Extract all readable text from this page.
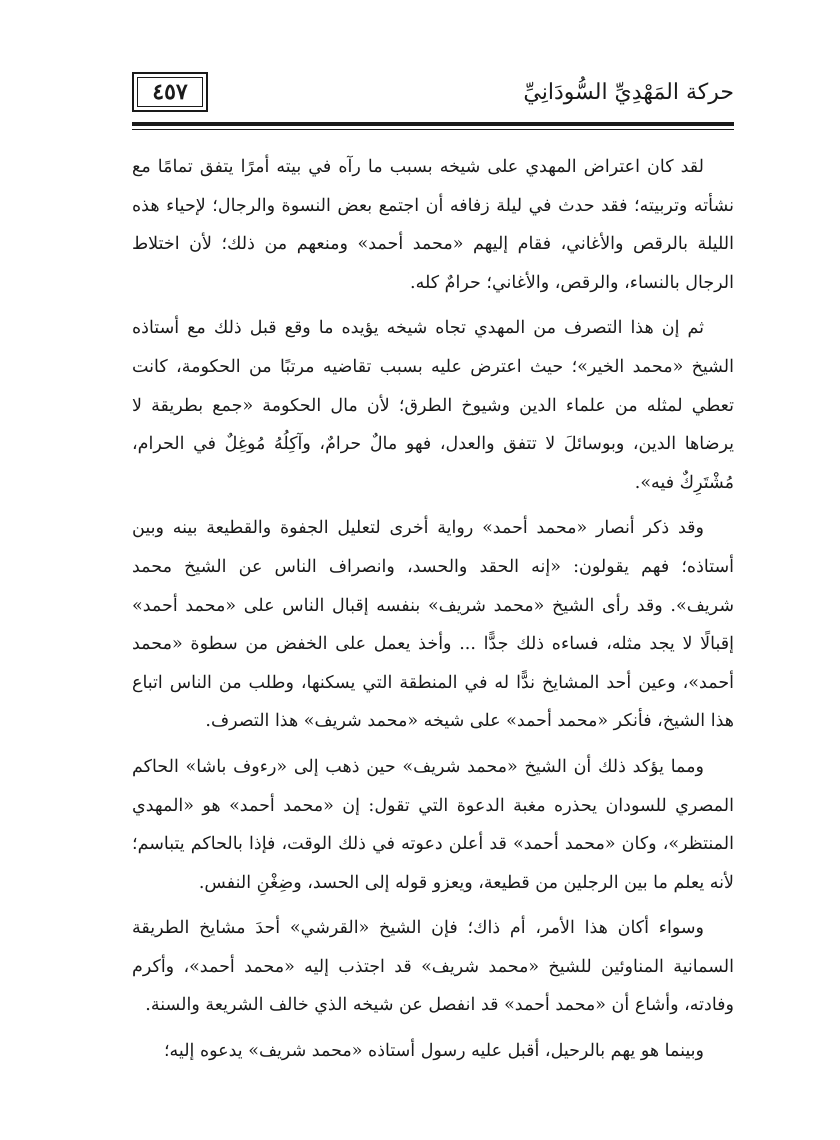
حركة المَهْدِيِّ السُّودَانِيِّ
٤٥٧

لقد كان اعتراض المهدي على شيخه بسبب ما رآه في بيته أمرًا يتفق تمامًا مع نشأته وتربيته؛ فقد حدث في ليلة زفافه أن اجتمع بعض النسوة والرجال؛ لإحياء هذه الليلة بالرقص والأغاني، فقام إليهم «محمد أحمد» ومنعهم من ذلك؛ لأن اختلاط الرجال بالنساء، والرقص، والأغاني؛ حرامٌ كله.

ثم إن هذا التصرف من المهدي تجاه شيخه يؤيده ما وقع قبل ذلك مع أستاذه الشيخ «محمد الخير»؛ حيث اعترض عليه بسبب تقاضيه مرتبًا من الحكومة، كانت تعطي لمثله من علماء الدين وشيوخ الطرق؛ لأن مال الحكومة «جمع بطريقة لا يرضاها الدين، وبوسائلَ لا تتفق والعدل، فهو مالٌ حرامٌ، وآكِلُهُ مُوغِلٌ في الحرام، مُشْتَرِكٌ فيه».

وقد ذكر أنصار «محمد أحمد» رواية أخرى لتعليل الجفوة والقطيعة بينه وبين أستاذه؛ فهم يقولون: «إنه الحقد والحسد، وانصراف الناس عن الشيخ محمد شريف». وقد رأى الشيخ «محمد شريف» بنفسه إقبال الناس على «محمد أحمد» إقبالًا لا يجد مثله، فساءه ذلك جدًّا ... وأخذ يعمل على الخفض من سطوة «محمد أحمد»، وعين أحد المشايخ ندًّا له في المنطقة التي يسكنها، وطلب من الناس اتباع هذا الشيخ، فأنكر «محمد أحمد» على شيخه «محمد شريف» هذا التصرف.

ومما يؤكد ذلك أن الشيخ «محمد شريف» حين ذهب إلى «رءوف باشا» الحاكم المصري للسودان يحذره مغبة الدعوة التي تقول: إن «محمد أحمد» هو «المهدي المنتظر»، وكان «محمد أحمد» قد أعلن دعوته في ذلك الوقت، فإذا بالحاكم يتباسم؛ لأنه يعلم ما بين الرجلين من قطيعة، ويعزو قوله إلى الحسد، وضِغْنِ النفس.

وسواء أكان هذا الأمر، أم ذاك؛ فإن الشيخ «القرشي» أحدَ مشايخ الطريقة السمانية المناوئين للشيخ «محمد شريف» قد اجتذب إليه «محمد أحمد»، وأكرم وفادته، وأشاع أن «محمد أحمد» قد انفصل عن شيخه الذي خالف الشريعة والسنة.

وبينما هو يهم بالرحيل، أقبل عليه رسول أستاذه «محمد شريف» يدعوه إليه؛
